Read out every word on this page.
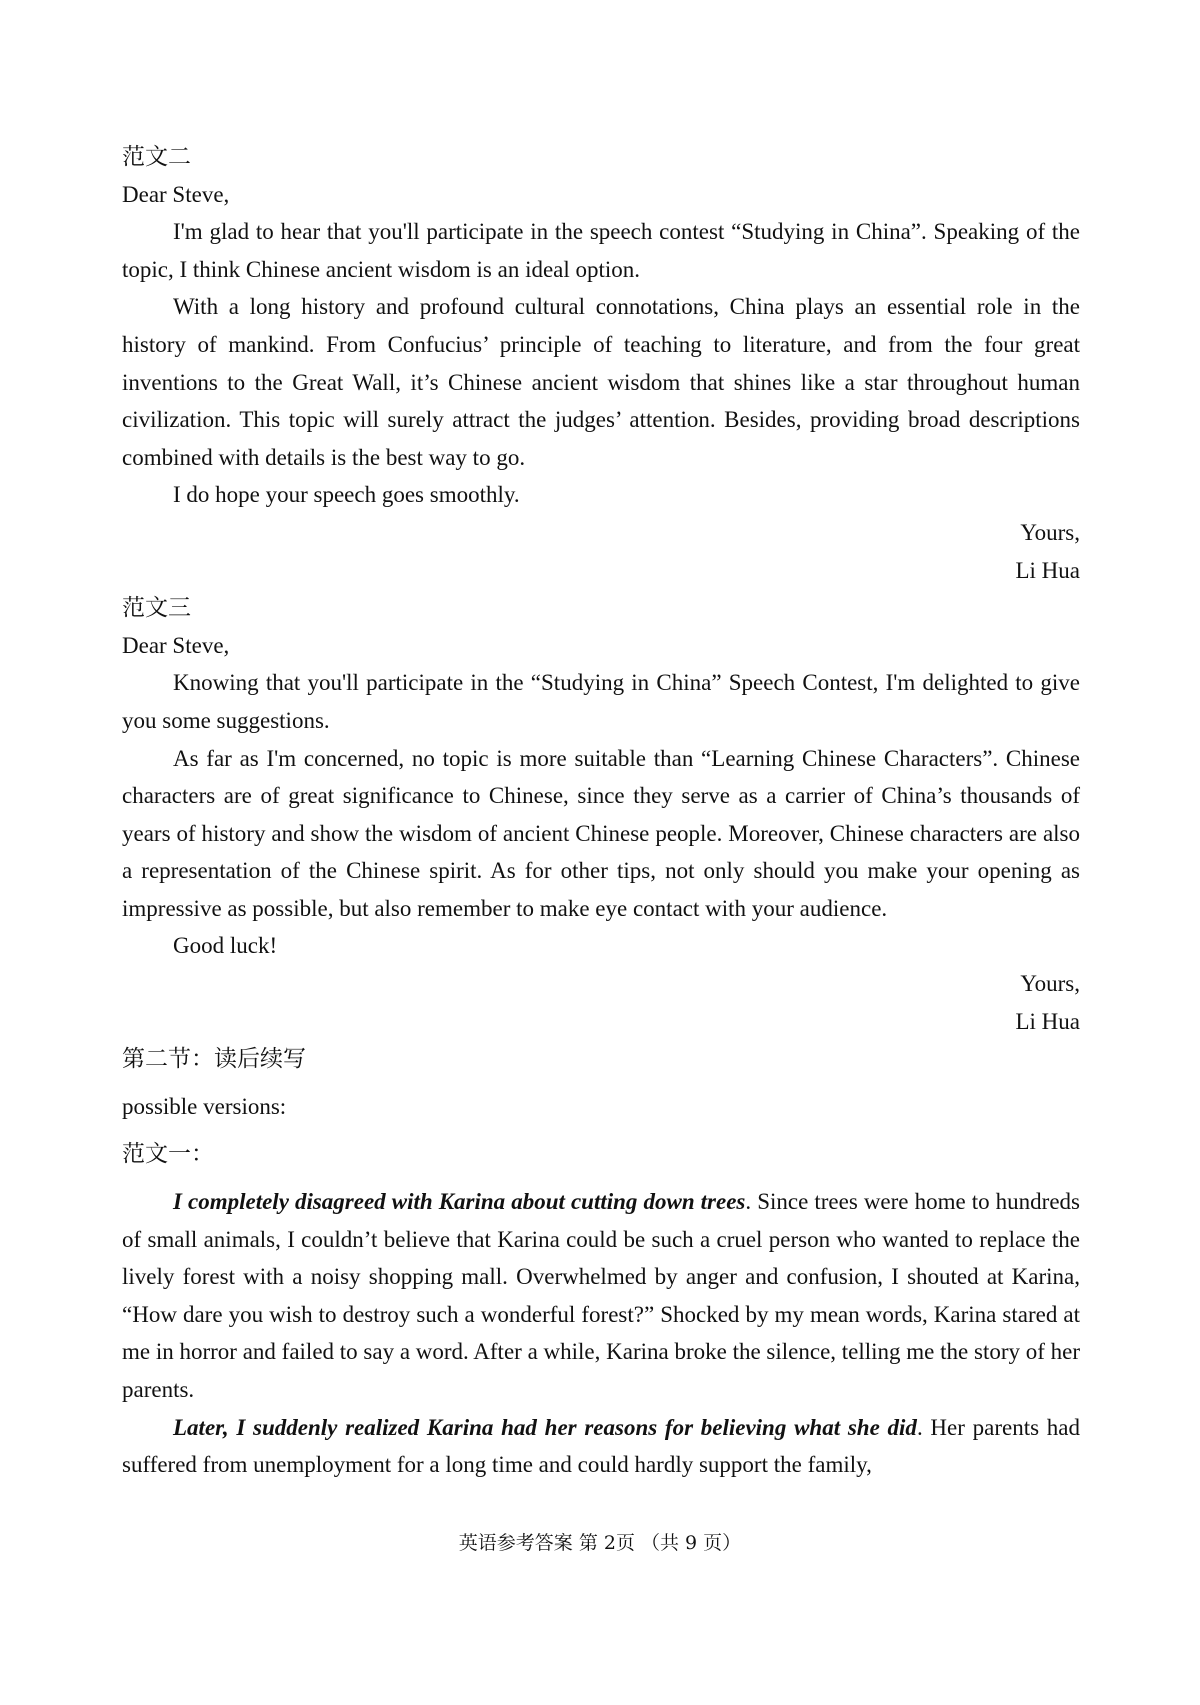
范文二

Dear Steve,

I'm glad to hear that you'll participate in the speech contest “Studying in China”. Speaking of the topic, I think Chinese ancient wisdom is an ideal option.

With a long history and profound cultural connotations, China plays an essential role in the history of mankind. From Confucius’ principle of teaching to literature, and from the four great inventions to the Great Wall, it’s Chinese ancient wisdom that shines like a star throughout human civilization. This topic will surely attract the judges’ attention. Besides, providing broad descriptions combined with details is the best way to go.

I do hope your speech goes smoothly.

Yours,

Li Hua

范文三

Dear Steve,

Knowing that you'll participate in the “Studying in China” Speech Contest, I'm delighted to give you some suggestions.

As far as I'm concerned, no topic is more suitable than “Learning Chinese Characters”. Chinese characters are of great significance to Chinese, since they serve as a carrier of China’s thousands of years of history and show the wisdom of ancient Chinese people. Moreover, Chinese characters are also a representation of the Chinese spirit. As for other tips, not only should you make your opening as impressive as possible, but also remember to make eye contact with your audience.

Good luck!

Yours,

Li Hua

第二节：读后续写

possible versions:

范文一：

I completely disagreed with Karina about cutting down trees. Since trees were home to hundreds of small animals, I couldn’t believe that Karina could be such a cruel person who wanted to replace the lively forest with a noisy shopping mall. Overwhelmed by anger and confusion, I shouted at Karina, “How dare you wish to destroy such a wonderful forest?” Shocked by my mean words, Karina stared at me in horror and failed to say a word. After a while, Karina broke the silence, telling me the story of her parents.

Later, I suddenly realized Karina had her reasons for believing what she did. Her parents had suffered from unemployment for a long time and could hardly support the family,

英语参考答案 第 2页 （共 9 页）
